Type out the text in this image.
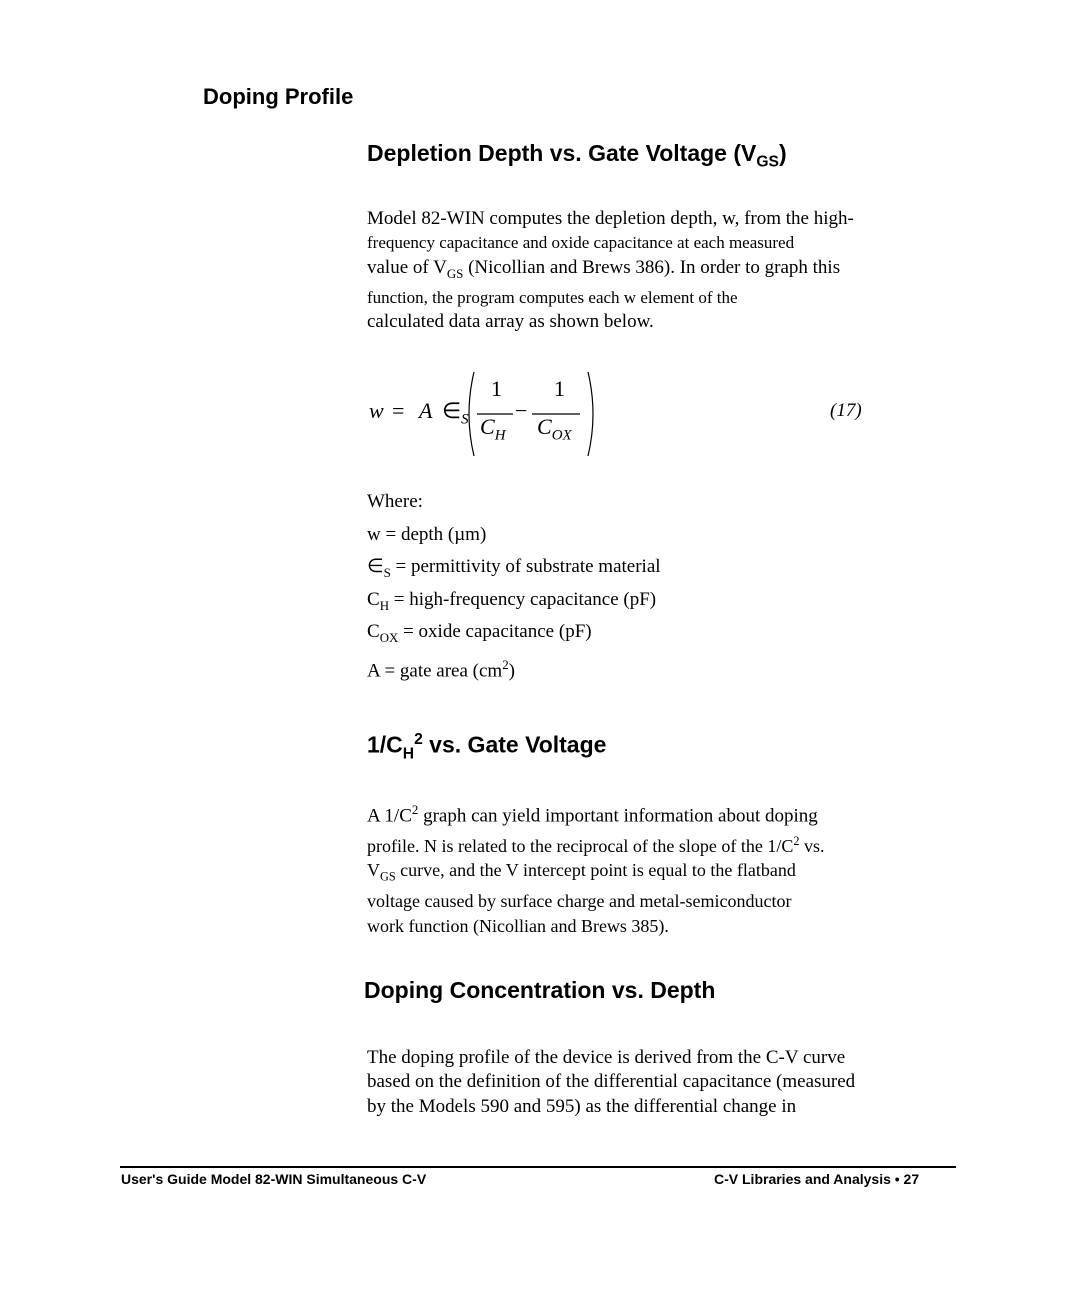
Doping Profile
Depletion Depth vs. Gate Voltage $(V_{GS})$
Model 82-WIN computes the depletion depth, w, from the high-
frequency capacitance and oxide capacitance at each measured
value of $V_{GS}$ (Nicollian and Brews 386). In order to graph this
function, the program computes each w element of the
calculated data array as shown below.
w = A $\in_S$
1
$C_H$
−
1
$C_{OX}$
(17)
Where:
w = depth (µm)
$\in_S$ = permittivity of substrate material
$C_H$ = high-frequency capacitance (pF)
$C_{OX}$ = oxide capacitance (pF)
A = gate area $(cm^2)$
$1/C_H^2$ vs. Gate Voltage
A $1/C^2$ graph can yield important information about doping
profile. N is related to the reciprocal of the slope of the $1/C^2$ vs.
$V_{GS}$ curve, and the V intercept point is equal to the flatband
voltage caused by surface charge and metal-semiconductor
work function (Nicollian and Brews 385).
Doping Concentration vs. Depth
The doping profile of the device is derived from the C-V curve
based on the definition of the differential capacitance (measured
by the Models 590 and 595) as the differential change in
User's Guide Model 82-WIN Simultaneous C-V	C-V Libraries and Analysis • 27
